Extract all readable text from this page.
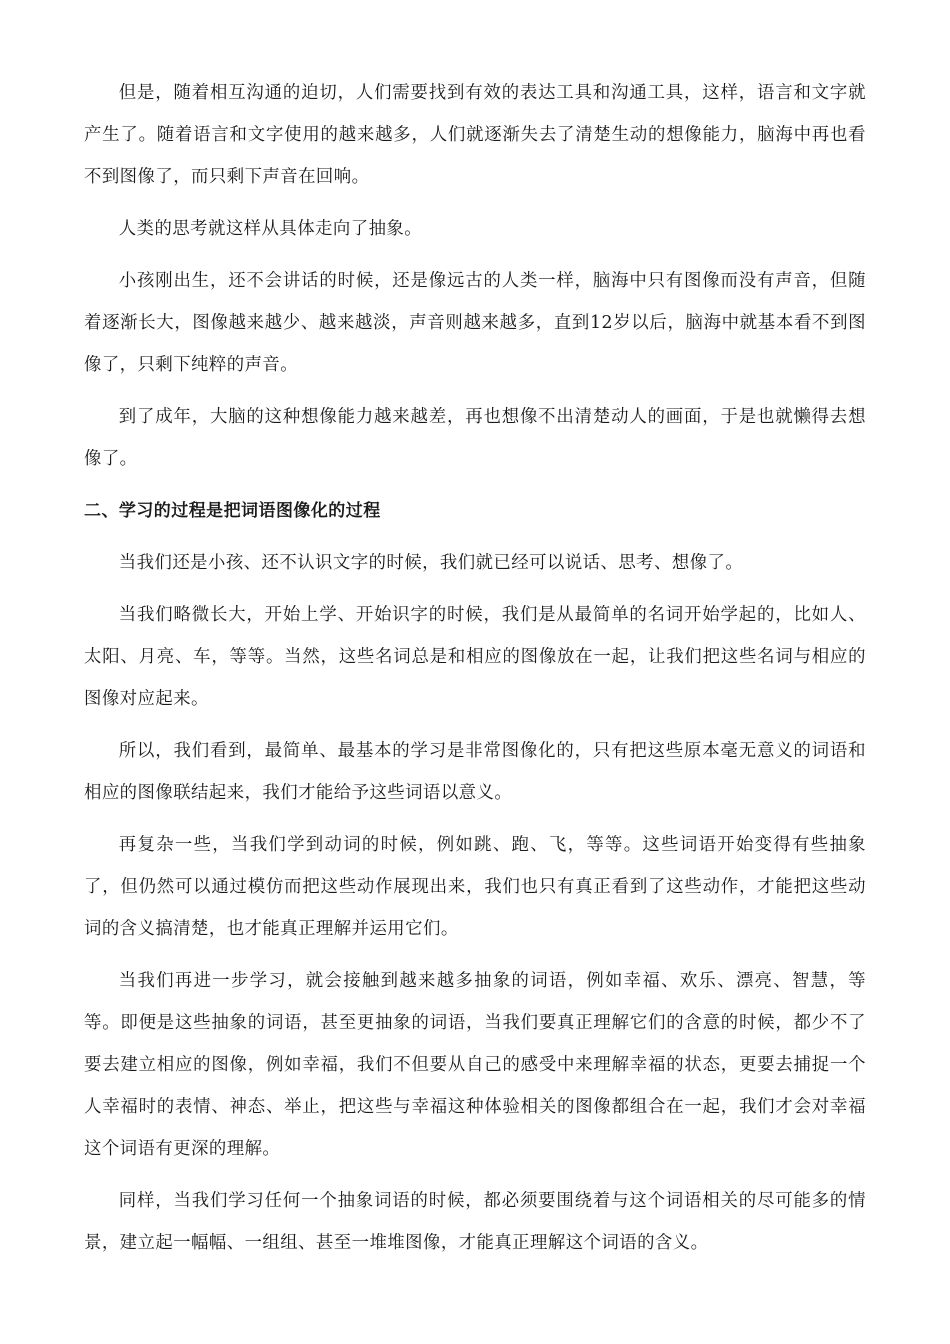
但是，随着相互沟通的迫切，人们需要找到有效的表达工具和沟通工具，这样，语言和文字就产生了。随着语言和文字使用的越来越多，人们就逐渐失去了清楚生动的想像能力，脑海中再也看不到图像了，而只剩下声音在回响。

人类的思考就这样从具体走向了抽象。

小孩刚出生，还不会讲话的时候，还是像远古的人类一样，脑海中只有图像而没有声音，但随着逐渐长大，图像越来越少、越来越淡，声音则越来越多，直到12岁以后，脑海中就基本看不到图像了，只剩下纯粹的声音。

到了成年，大脑的这种想像能力越来越差，再也想像不出清楚动人的画面，于是也就懒得去想像了。

二、学习的过程是把词语图像化的过程

当我们还是小孩、还不认识文字的时候，我们就已经可以说话、思考、想像了。

当我们略微长大，开始上学、开始识字的时候，我们是从最简单的名词开始学起的，比如人、太阳、月亮、车，等等。当然，这些名词总是和相应的图像放在一起，让我们把这些名词与相应的图像对应起来。

所以，我们看到，最简单、最基本的学习是非常图像化的，只有把这些原本毫无意义的词语和相应的图像联结起来，我们才能给予这些词语以意义。

再复杂一些，当我们学到动词的时候，例如跳、跑、飞，等等。这些词语开始变得有些抽象了，但仍然可以通过模仿而把这些动作展现出来，我们也只有真正看到了这些动作，才能把这些动词的含义搞清楚，也才能真正理解并运用它们。

当我们再进一步学习，就会接触到越来越多抽象的词语，例如幸福、欢乐、漂亮、智慧，等等。即便是这些抽象的词语，甚至更抽象的词语，当我们要真正理解它们的含意的时候，都少不了要去建立相应的图像，例如幸福，我们不但要从自己的感受中来理解幸福的状态，更要去捕捉一个人幸福时的表情、神态、举止，把这些与幸福这种体验相关的图像都组合在一起，我们才会对幸福这个词语有更深的理解。

同样，当我们学习任何一个抽象词语的时候，都必须要围绕着与这个词语相关的尽可能多的情景，建立起一幅幅、一组组、甚至一堆堆图像，才能真正理解这个词语的含义。
